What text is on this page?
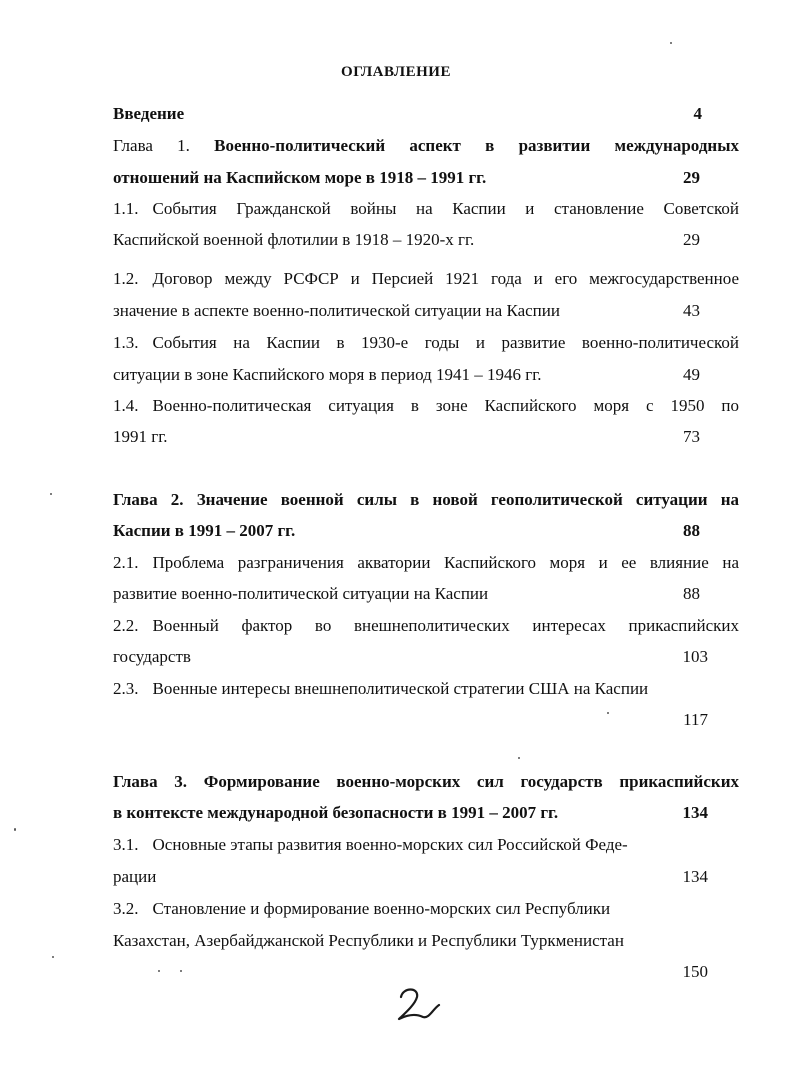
ОГЛАВЛЕНИЕ
Введение	4
Глава 1. Военно-политический аспект в развитии международных
отношений на Каспийском море в 1918 – 1991 гг.	29
1.1. События Гражданской войны на Каспии и становление Советской
Каспийской военной флотилии в 1918 – 1920-х гг.	29
1.2. Договор между РСФСР и Персией 1921 года и его межгосударственное
значение в аспекте военно-политической ситуации на Каспии	43
1.3. События на Каспии в 1930-е годы и развитие военно-политической
ситуации в зоне Каспийского моря в период 1941 – 1946 гг.	49
1.4. Военно-политическая ситуация в зоне Каспийского моря с 1950 по
1991 гг.	73
Глава 2. Значение военной силы в новой геополитической ситуации на
Каспии в 1991 – 2007 гг.	88
2.1. Проблема разграничения акватории Каспийского моря и ее влияние на
развитие военно-политической ситуации на Каспии	88
2.2. Военный фактор во внешнеполитических интересах прикаспийских
государств	103
2.3. Военные интересы внешнеполитической стратегии США на Каспии
117
Глава 3. Формирование военно-морских сил государств прикаспийских
в контексте международной безопасности в 1991 – 2007 гг.	134
3.1. Основные этапы развития военно-морских сил Российской Феде-
рации	134
3.2. Становление и формирование военно-морских сил Республики
Казахстан, Азербайджанской Республики и Республики Туркменистан
150
